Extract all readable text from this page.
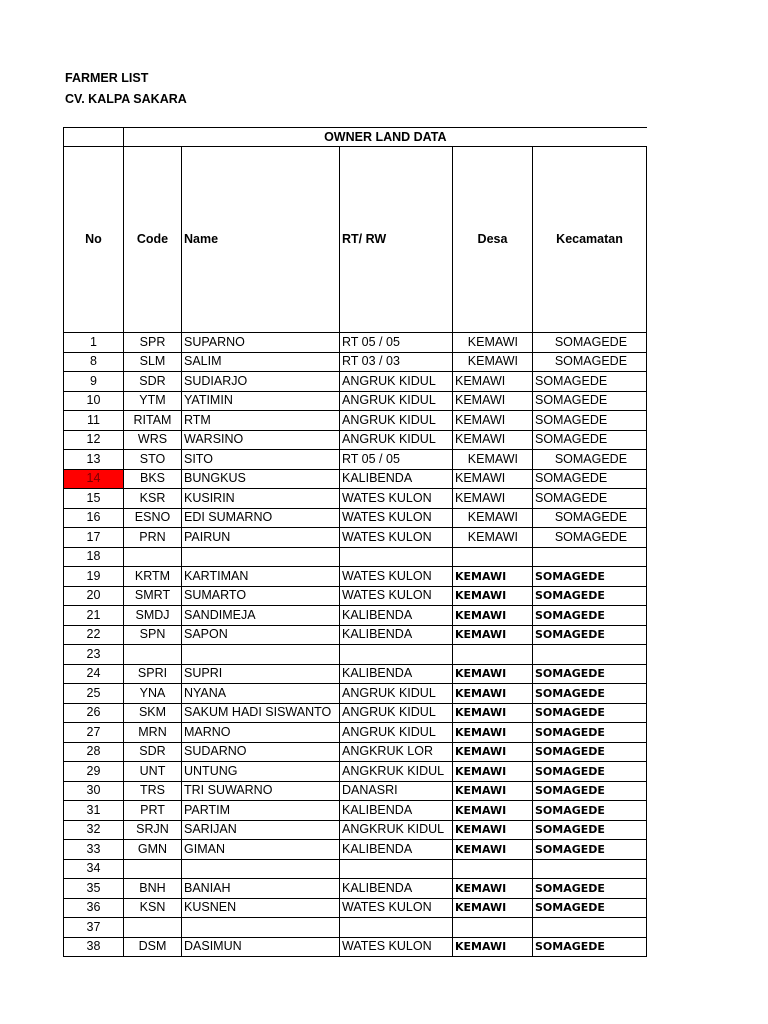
FARMER LIST
CV. KALPA SAKARA
	OWNER LAND DATA				
No	Code	Name	RT/ RW	Desa	Kecamatan
1	SPR	SUPARNO	RT 05 / 05	KEMAWI	SOMAGEDE
8	SLM	SALIM	RT 03 / 03	KEMAWI	SOMAGEDE
9	SDR	SUDIARJO	ANGRUK KIDUL	KEMAWI	SOMAGEDE
10	YTM	YATIMIN	ANGRUK KIDUL	KEMAWI	SOMAGEDE
11	RITAM	RTM	ANGRUK KIDUL	KEMAWI	SOMAGEDE
12	WRS	WARSINO	ANGRUK KIDUL	KEMAWI	SOMAGEDE
13	STO	SITO	RT 05 / 05	KEMAWI	SOMAGEDE
14	BKS	BUNGKUS	KALIBENDA	KEMAWI	SOMAGEDE
15	KSR	KUSIRIN	WATES KULON	KEMAWI	SOMAGEDE
16	ESNO	EDI SUMARNO	WATES KULON	KEMAWI	SOMAGEDE
17	PRN	PAIRUN	WATES KULON	KEMAWI	SOMAGEDE
18					
19	KRTM	KARTIMAN	WATES KULON	KEMAWI	SOMAGEDE
20	SMRT	SUMARTO	WATES KULON	KEMAWI	SOMAGEDE
21	SMDJ	SANDIMEJA	KALIBENDA	KEMAWI	SOMAGEDE
22	SPN	SAPON	KALIBENDA	KEMAWI	SOMAGEDE
23					
24	SPRI	SUPRI	KALIBENDA	KEMAWI	SOMAGEDE
25	YNA	NYANA	ANGRUK KIDUL	KEMAWI	SOMAGEDE
26	SKM	SAKUM HADI SISWANTO	ANGRUK KIDUL	KEMAWI	SOMAGEDE
27	MRN	MARNO	ANGRUK KIDUL	KEMAWI	SOMAGEDE
28	SDR	SUDARNO	ANGKRUK LOR	KEMAWI	SOMAGEDE
29	UNT	UNTUNG	ANGKRUK KIDUL	KEMAWI	SOMAGEDE
30	TRS	TRI SUWARNO	DANASRI	KEMAWI	SOMAGEDE
31	PRT	PARTIM	KALIBENDA	KEMAWI	SOMAGEDE
32	SRJN	SARIJAN	ANGKRUK KIDUL	KEMAWI	SOMAGEDE
33	GMN	GIMAN	KALIBENDA	KEMAWI	SOMAGEDE
34					
35	BNH	BANIAH	KALIBENDA	KEMAWI	SOMAGEDE
36	KSN	KUSNEN	WATES KULON	KEMAWI	SOMAGEDE
37					
38	DSM	DASIMUN	WATES KULON	KEMAWI	SOMAGEDE
